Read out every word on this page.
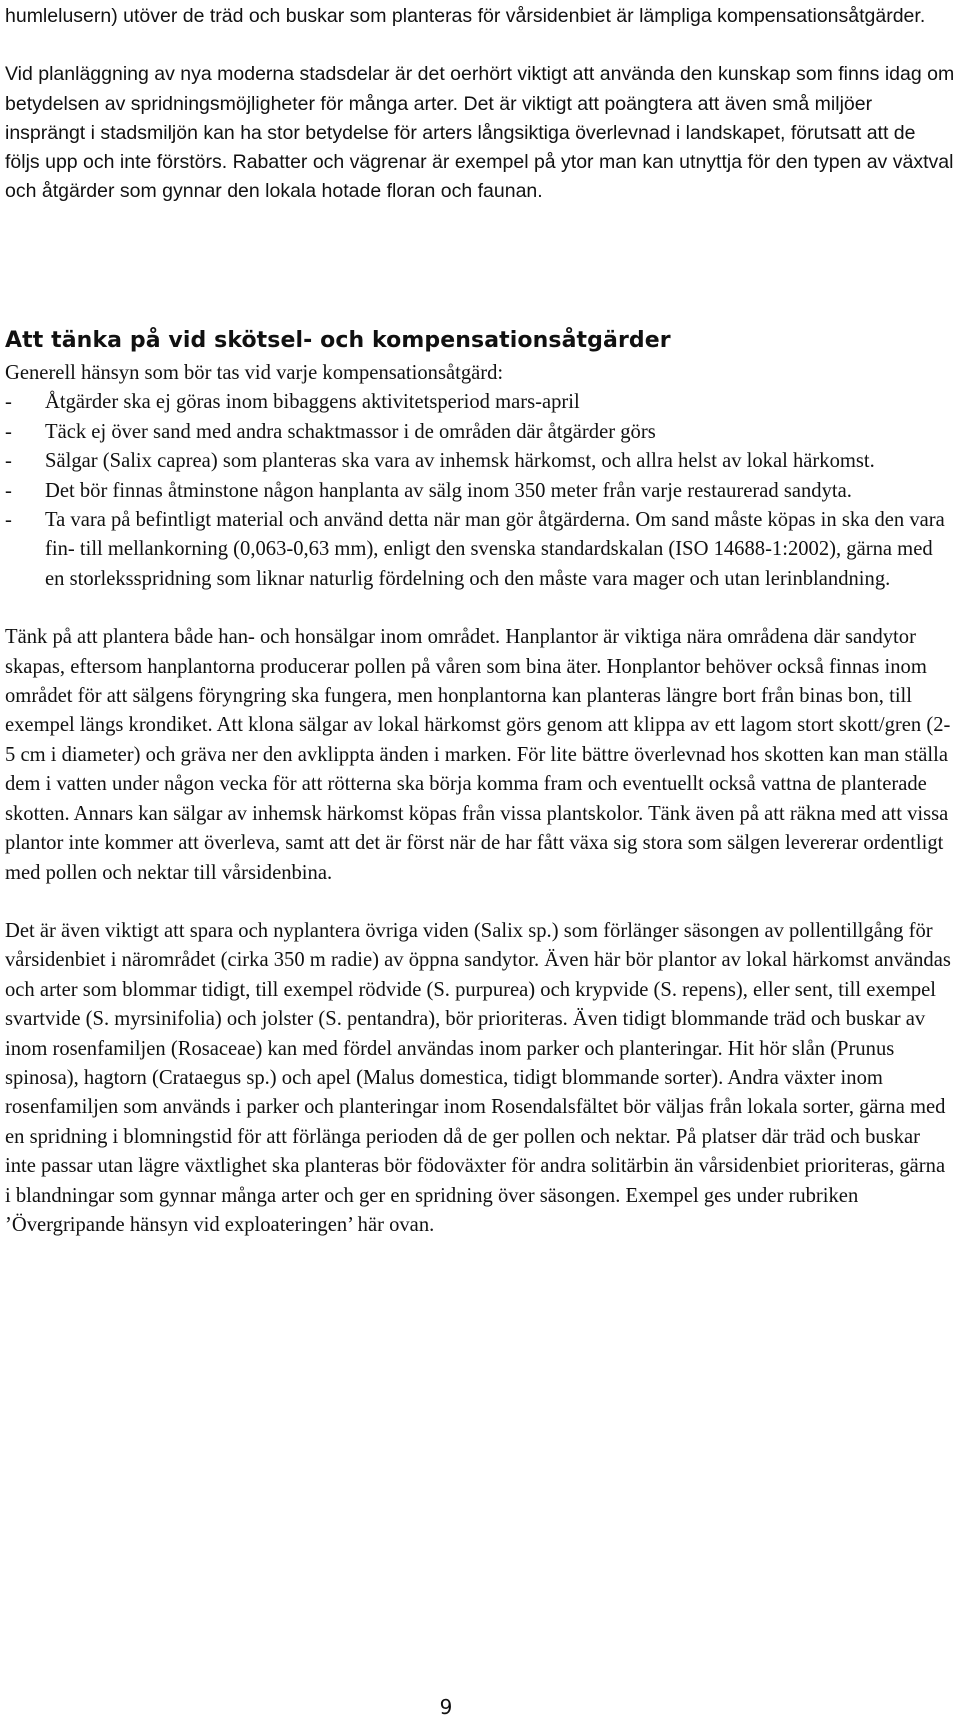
humlelusern) utöver de träd och buskar som planteras för vårsidenbiet är lämpliga kompensationsåtgärder.

Vid planläggning av nya moderna stadsdelar är det oerhört viktigt att använda den kunskap som finns idag om betydelsen av spridningsmöjligheter för många arter. Det är viktigt att poängtera att även små miljöer insprängt i stadsmiljön kan ha stor betydelse för arters långsiktiga överlevnad i landskapet, förutsatt att de följs upp och inte förstörs. Rabatter och vägrenar är exempel på ytor man kan utnyttja för den typen av växtval och åtgärder som gynnar den lokala hotade floran och faunan.

Att tänka på vid skötsel- och kompensationsåtgärder

Generell hänsyn som bör tas vid varje kompensationsåtgärd:

- Åtgärder ska ej göras inom bibaggens aktivitetsperiod mars-april
- Täck ej över sand med andra schaktmassor i de områden där åtgärder görs
- Sälgar (Salix caprea) som planteras ska vara av inhemsk härkomst, och allra helst av lokal härkomst.
- Det bör finnas åtminstone någon hanplanta av sälg inom 350 meter från varje restaurerad sandyta.
- Ta vara på befintligt material och använd detta när man gör åtgärderna. Om sand måste köpas in ska den vara fin- till mellankorning (0,063-0,63 mm), enligt den svenska standardskalan (ISO 14688-1:2002), gärna med en storleksspridning som liknar naturlig fördelning och den måste vara mager och utan lerinblandning.

Tänk på att plantera både han- och honsälgar inom området. Hanplantor är viktiga nära områdena där sandytor skapas, eftersom hanplantorna producerar pollen på våren som bina äter. Honplantor behöver också finnas inom området för att sälgens föryngring ska fungera, men honplantorna kan planteras längre bort från binas bon, till exempel längs krondiket. Att klona sälgar av lokal härkomst görs genom att klippa av ett lagom stort skott/gren (2-5 cm i diameter) och gräva ner den avklippta änden i marken. För lite bättre överlevnad hos skotten kan man ställa dem i vatten under någon vecka för att rötterna ska börja komma fram och eventuellt också vattna de planterade skotten. Annars kan sälgar av inhemsk härkomst köpas från vissa plantskolor. Tänk även på att räkna med att vissa plantor inte kommer att överleva, samt att det är först när de har fått växa sig stora som sälgen levererar ordentligt med pollen och nektar till vårsidenbina.

Det är även viktigt att spara och nyplantera övriga viden (Salix sp.) som förlänger säsongen av pollentillgång för vårsidenbiet i närområdet (cirka 350 m radie) av öppna sandytor. Även här bör plantor av lokal härkomst användas och arter som blommar tidigt, till exempel rödvide (S. purpurea) och krypvide (S. repens), eller sent, till exempel svartvide (S. myrsinifolia) och jolster (S. pentandra), bör prioriteras. Även tidigt blommande träd och buskar av inom rosenfamiljen (Rosaceae) kan med fördel användas inom parker och planteringar. Hit hör slån (Prunus spinosa), hagtorn (Crataegus sp.) och apel (Malus domestica, tidigt blommande sorter). Andra växter inom rosenfamiljen som används i parker och planteringar inom Rosendalsfältet bör väljas från lokala sorter, gärna med en spridning i blomningstid för att förlänga perioden då de ger pollen och nektar. På platser där träd och buskar inte passar utan lägre växtlighet ska planteras bör födoväxter för andra solitärbin än vårsidenbiet prioriteras, gärna i blandningar som gynnar många arter och ger en spridning över säsongen. Exempel ges under rubriken ’Övergripande hänsyn vid exploateringen’ här ovan.

9
